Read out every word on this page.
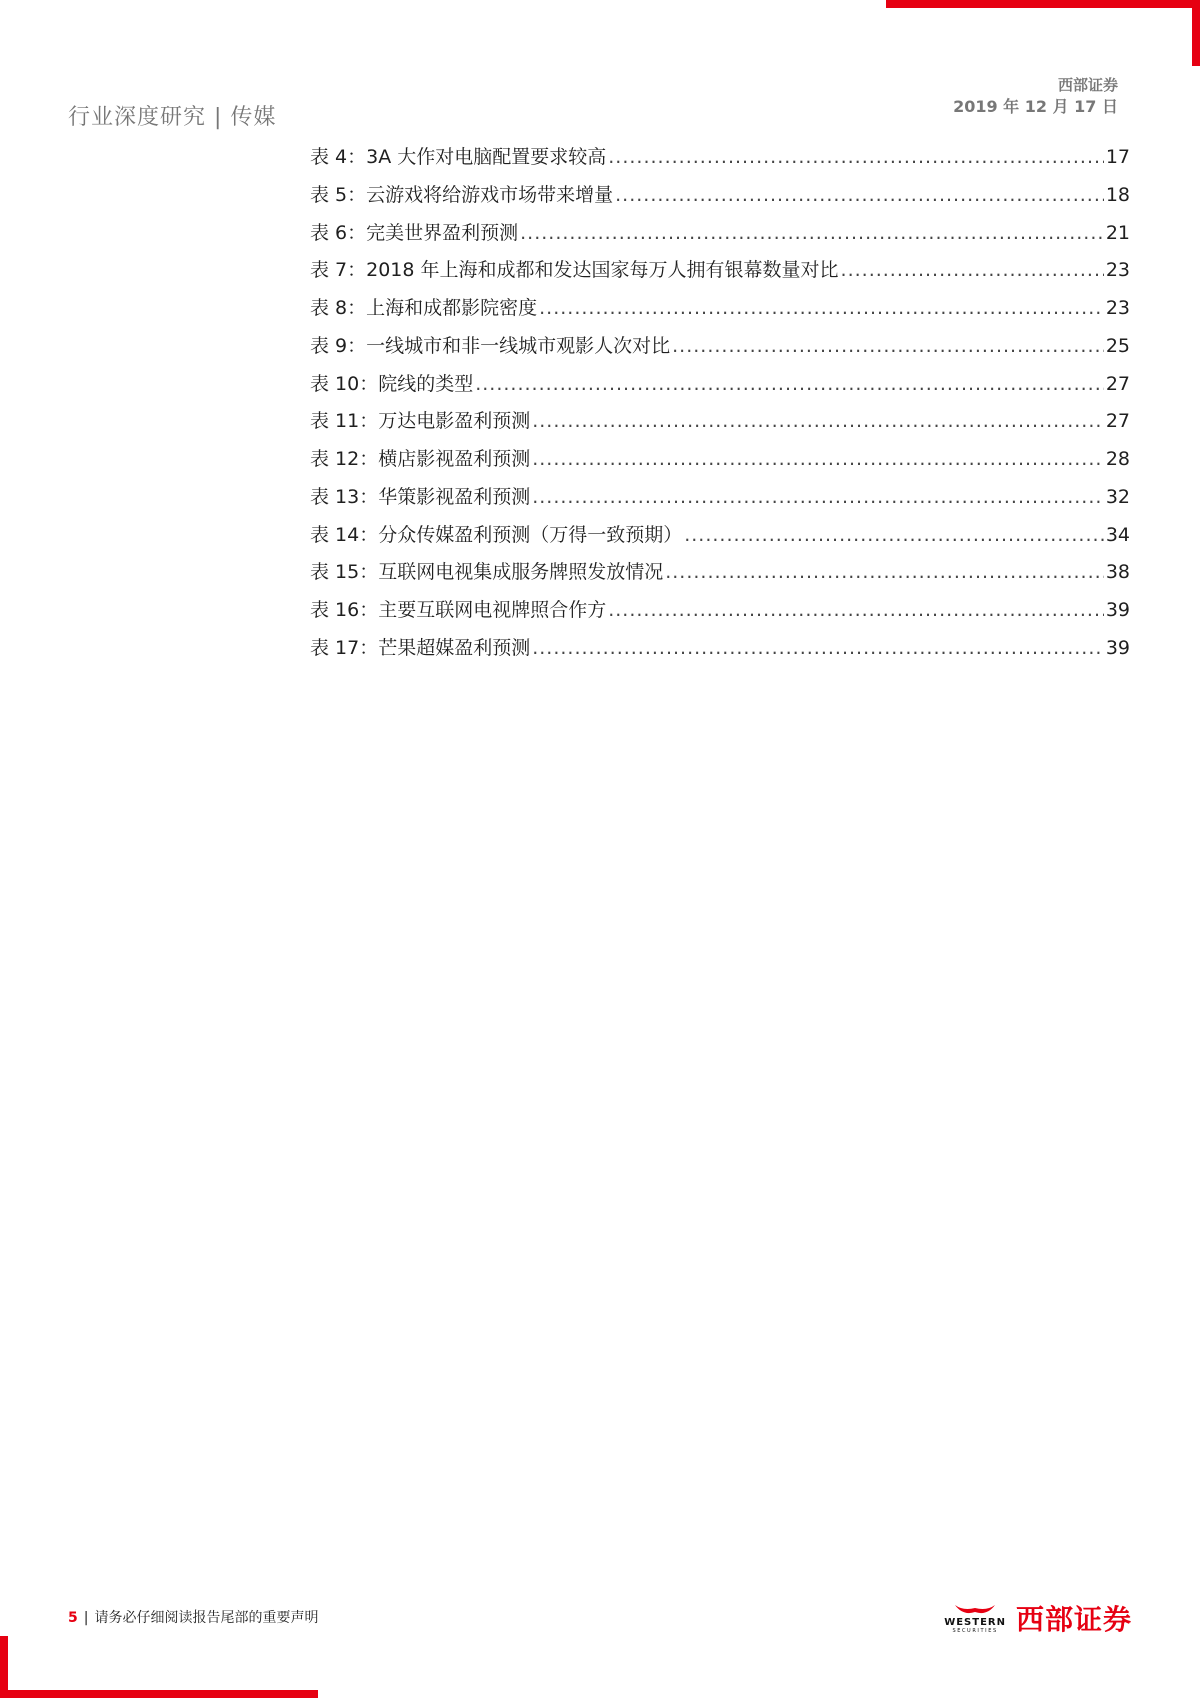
行业深度研究 | 传媒
西部证券
2019 年 12 月 17 日
表 4：3A 大作对电脑配置要求较高 .....	17
表 5：云游戏将给游戏市场带来增量 .....	18
表 6：完美世界盈利预测 .....	21
表 7：2018 年上海和成都和发达国家每万人拥有银幕数量对比 .....	23
表 8：上海和成都影院密度 .....	23
表 9：一线城市和非一线城市观影人次对比 .....	25
表 10：院线的类型 .....	27
表 11：万达电影盈利预测 .....	27
表 12：横店影视盈利预测 .....	28
表 13：华策影视盈利预测 .....	32
表 14：分众传媒盈利预测（万得一致预期） .....	34
表 15：互联网电视集成服务牌照发放情况 .....	38
表 16：主要互联网电视牌照合作方 .....	39
表 17：芒果超媒盈利预测 .....	39
5 | 请务必仔细阅读报告尾部的重要声明	WESTERN
SECURITIES 西部证券
